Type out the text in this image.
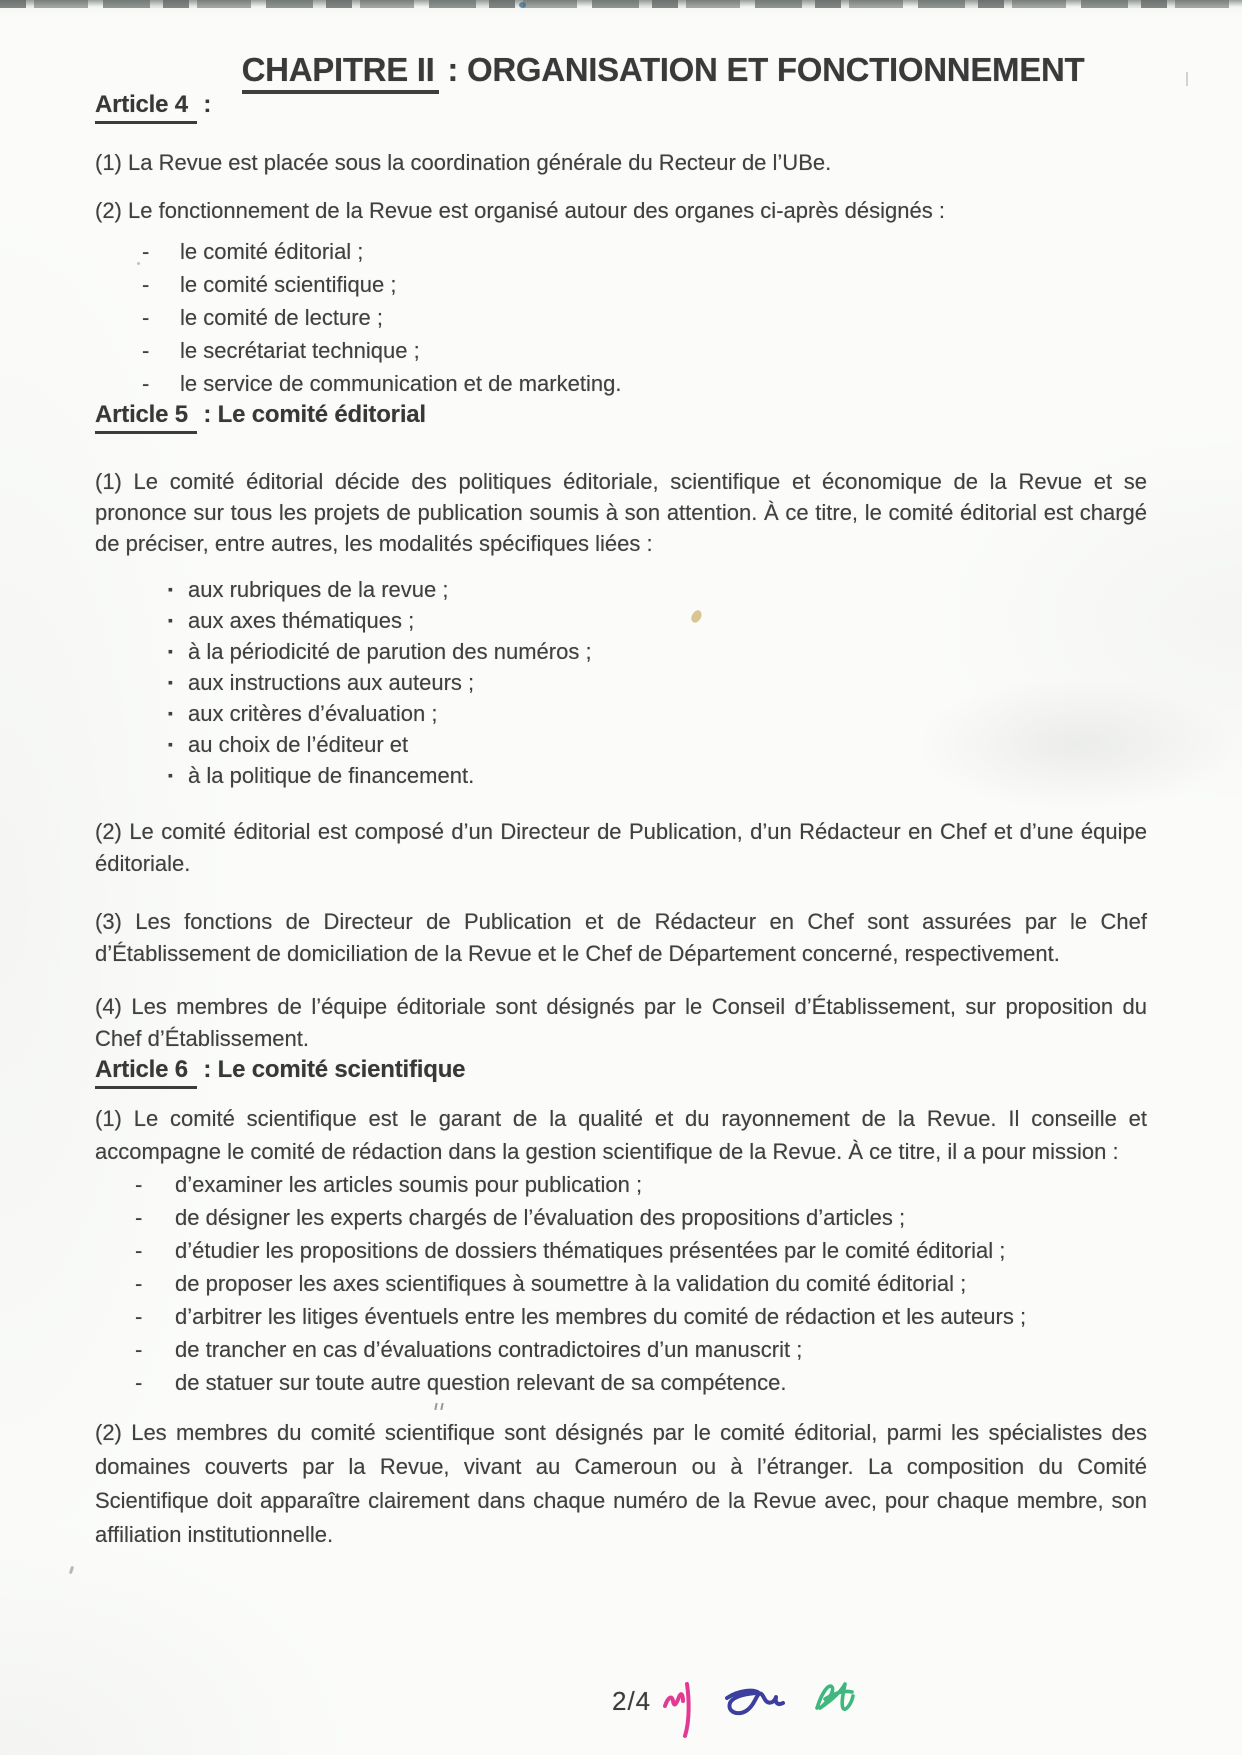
CHAPITRE II : ORGANISATION ET FONCTIONNEMENT
Article 4 :

(1) La Revue est placée sous la coordination générale du Recteur de l’UBe.

(2) Le fonctionnement de la Revue est organisé autour des organes ci-après désignés :

-	le comité éditorial ;
-	le comité scientifique ;
-	le comité de lecture ;
-	le secrétariat technique ;
-	le service de communication et de marketing.
Article 5 : Le comité éditorial

(1) Le comité éditorial décide des politiques éditoriale, scientifique et économique de la Revue et se prononce sur tous les projets de publication soumis à son attention. À ce titre, le comité éditorial est chargé de préciser, entre autres, les modalités spécifiques liées :

▪ aux rubriques de la revue ;
▪ aux axes thématiques ;
▪ à la périodicité de parution des numéros ;
▪ aux instructions aux auteurs ;
▪ aux critères d’évaluation ;
▪ au choix de l’éditeur et
▪ à la politique de financement.

(2) Le comité éditorial est composé d’un Directeur de Publication, d’un Rédacteur en Chef et d’une équipe éditoriale.

(3) Les fonctions de Directeur de Publication et de Rédacteur en Chef sont assurées par le Chef d’Établissement de domiciliation de la Revue et le Chef de Département concerné, respectivement.

(4) Les membres de l’équipe éditoriale sont désignés par le Conseil d’Établissement, sur proposition du Chef d’Établissement.

Article 6 : Le comité scientifique

(1) Le comité scientifique est le garant de la qualité et du rayonnement de la Revue. Il conseille et accompagne le comité de rédaction dans la gestion scientifique de la Revue. À ce titre, il a pour mission :

-	d’examiner les articles soumis pour publication ;
-	de désigner les experts chargés de l’évaluation des propositions d’articles ;
-	d’étudier les propositions de dossiers thématiques présentées par le comité éditorial ;
-	de proposer les axes scientifiques à soumettre à la validation du comité éditorial ;
-	d’arbitrer les litiges éventuels entre les membres du comité de rédaction et les auteurs ;
-	de trancher en cas d’évaluations contradictoires d’un manuscrit ;
-	de statuer sur toute autre question relevant de sa compétence.

(2) Les membres du comité scientifique sont désignés par le comité éditorial, parmi les spécialistes des domaines couverts par la Revue, vivant au Cameroun ou à l’étranger. La composition du Comité Scientifique doit apparaître clairement dans chaque numéro de la Revue avec, pour chaque membre, son affiliation institutionnelle.

2/4
